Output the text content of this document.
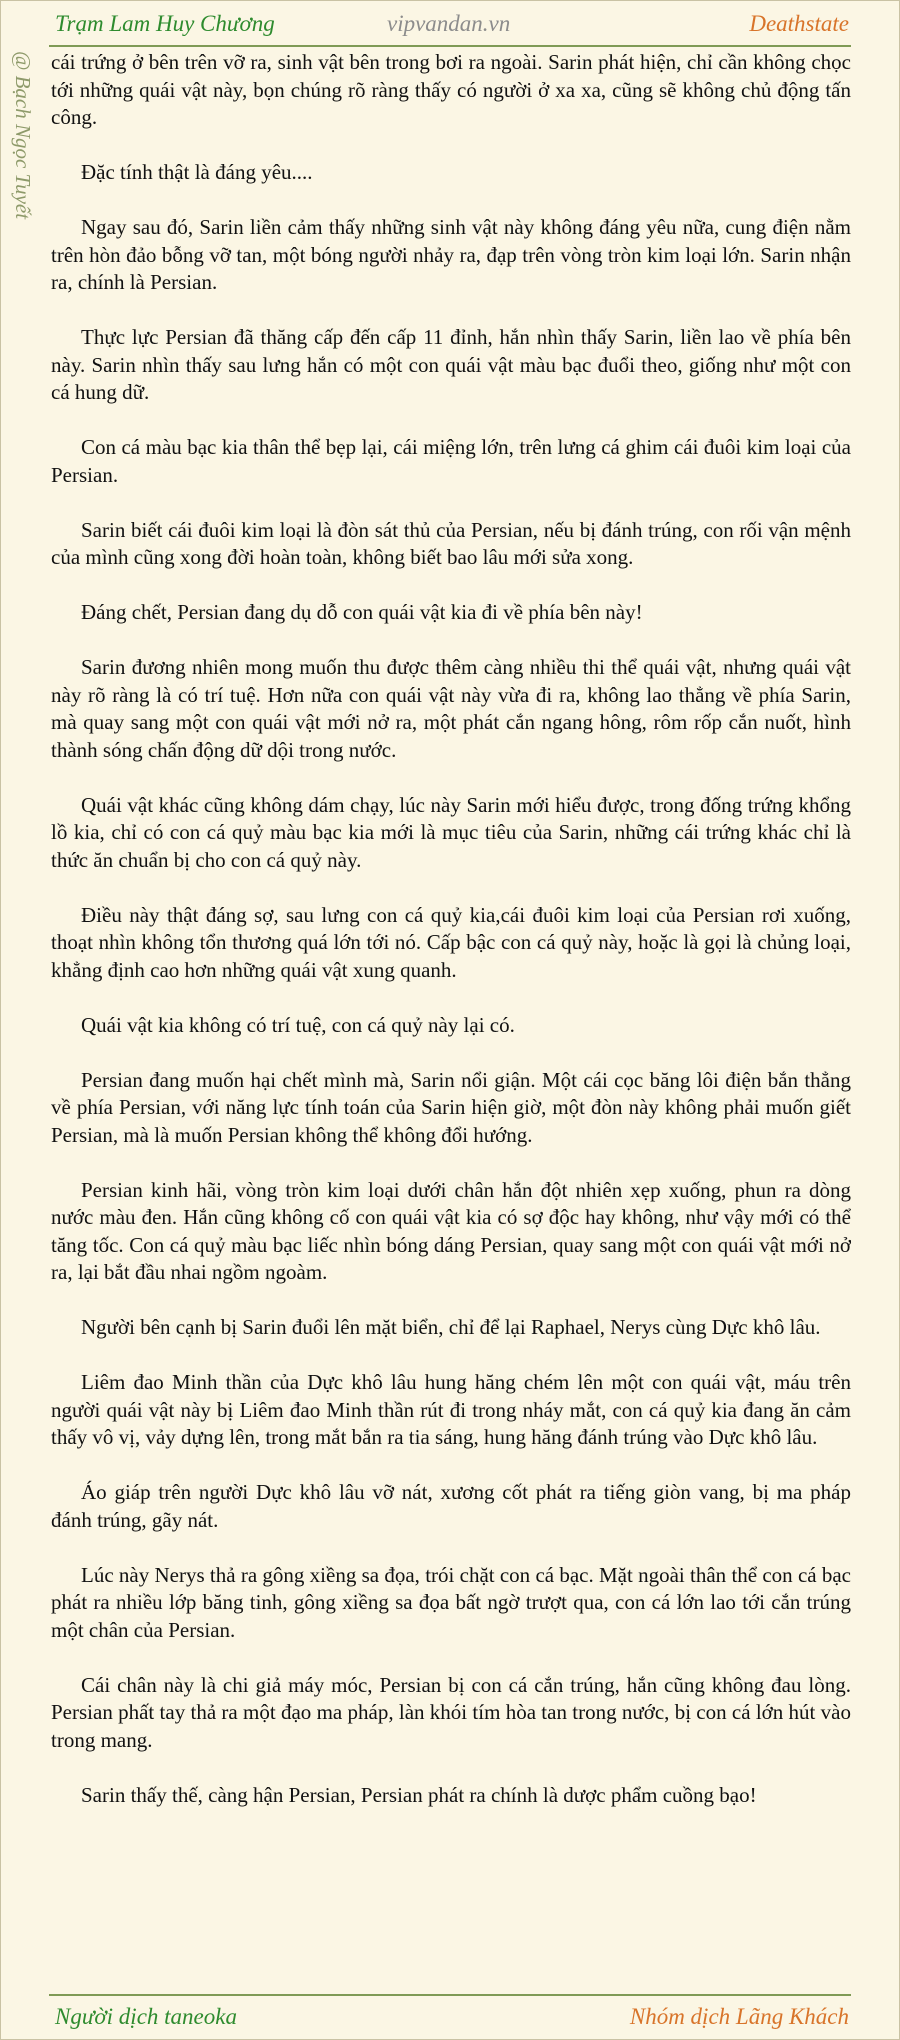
Trạm Lam Huy Chương	vipvandan.vn	Deathstate
@ Bạch Ngọc Tuyết cái trứng ở bên trên vỡ ra, sinh vật bên trong bơi ra ngoài. Sarin phát hiện, chỉ cần không chọc tới những quái vật này, bọn chúng rõ ràng thấy có người ở xa xa, cũng sẽ không chủ động tấn công.

Đặc tính thật là đáng yêu....

Ngay sau đó, Sarin liền cảm thấy những sinh vật này không đáng yêu nữa, cung điện nằm trên hòn đảo bỗng vỡ tan, một bóng người nhảy ra, đạp trên vòng tròn kim loại lớn. Sarin nhận ra, chính là Persian.

Thực lực Persian đã thăng cấp đến cấp 11 đỉnh, hắn nhìn thấy Sarin, liền lao về phía bên này. Sarin nhìn thấy sau lưng hắn có một con quái vật màu bạc đuổi theo, giống như một con cá hung dữ.

Con cá màu bạc kia thân thể bẹp lại, cái miệng lớn, trên lưng cá ghim cái đuôi kim loại của Persian.

Sarin biết cái đuôi kim loại là đòn sát thủ của Persian, nếu bị đánh trúng, con rối vận mệnh của mình cũng xong đời hoàn toàn, không biết bao lâu mới sửa xong.

Đáng chết, Persian đang dụ dỗ con quái vật kia đi về phía bên này!

Sarin đương nhiên mong muốn thu được thêm càng nhiều thi thể quái vật, nhưng quái vật này rõ ràng là có trí tuệ. Hơn nữa con quái vật này vừa đi ra, không lao thẳng về phía Sarin, mà quay sang một con quái vật mới nở ra, một phát cắn ngang hông, rôm rốp cắn nuốt, hình thành sóng chấn động dữ dội trong nước.

Quái vật khác cũng không dám chạy, lúc này Sarin mới hiểu được, trong đống trứng khổng lồ kia, chỉ có con cá quỷ màu bạc kia mới là mục tiêu của Sarin, những cái trứng khác chỉ là thức ăn chuẩn bị cho con cá quỷ này.

Điều này thật đáng sợ, sau lưng con cá quỷ kia,cái đuôi kim loại của Persian rơi xuống, thoạt nhìn không tổn thương quá lớn tới nó. Cấp bậc con cá quỷ này, hoặc là gọi là chủng loại, khẳng định cao hơn những quái vật xung quanh.

Quái vật kia không có trí tuệ, con cá quỷ này lại có.

Persian đang muốn hại chết mình mà, Sarin nổi giận. Một cái cọc băng lôi điện bắn thẳng về phía Persian, với năng lực tính toán của Sarin hiện giờ, một đòn này không phải muốn giết Persian, mà là muốn Persian không thể không đổi hướng.

Persian kinh hãi, vòng tròn kim loại dưới chân hắn đột nhiên xẹp xuống, phun ra dòng nước màu đen. Hắn cũng không cố con quái vật kia có sợ độc hay không, như vậy mới có thể tăng tốc. Con cá quỷ màu bạc liếc nhìn bóng dáng Persian, quay sang một con quái vật mới nở ra, lại bắt đầu nhai ngồm ngoàm.

Người bên cạnh bị Sarin đuổi lên mặt biển, chỉ để lại Raphael, Nerys cùng Dực khô lâu.

Liêm đao Minh thần của Dực khô lâu hung hăng chém lên một con quái vật, máu trên người quái vật này bị Liêm đao Minh thần rút đi trong nháy mắt, con cá quỷ kia đang ăn cảm thấy vô vị, vảy dựng lên, trong mắt bắn ra tia sáng, hung hăng đánh trúng vào Dực khô lâu.

Áo giáp trên người Dực khô lâu vỡ nát, xương cốt phát ra tiếng giòn vang, bị ma pháp đánh trúng, gãy nát.

Lúc này Nerys thả ra gông xiềng sa đọa, trói chặt con cá bạc. Mặt ngoài thân thể con cá bạc phát ra nhiều lớp băng tinh, gông xiềng sa đọa bất ngờ trượt qua, con cá lớn lao tới cắn trúng một chân của Persian.

Cái chân này là chi giả máy móc, Persian bị con cá cắn trúng, hắn cũng không đau lòng. Persian phất tay thả ra một đạo ma pháp, làn khói tím hòa tan trong nước, bị con cá lớn hút vào trong mang.

Sarin thấy thế, càng hận Persian, Persian phát ra chính là dược phẩm cuồng bạo!

Người dịch taneoka	Nhóm dịch Lãng Khách
